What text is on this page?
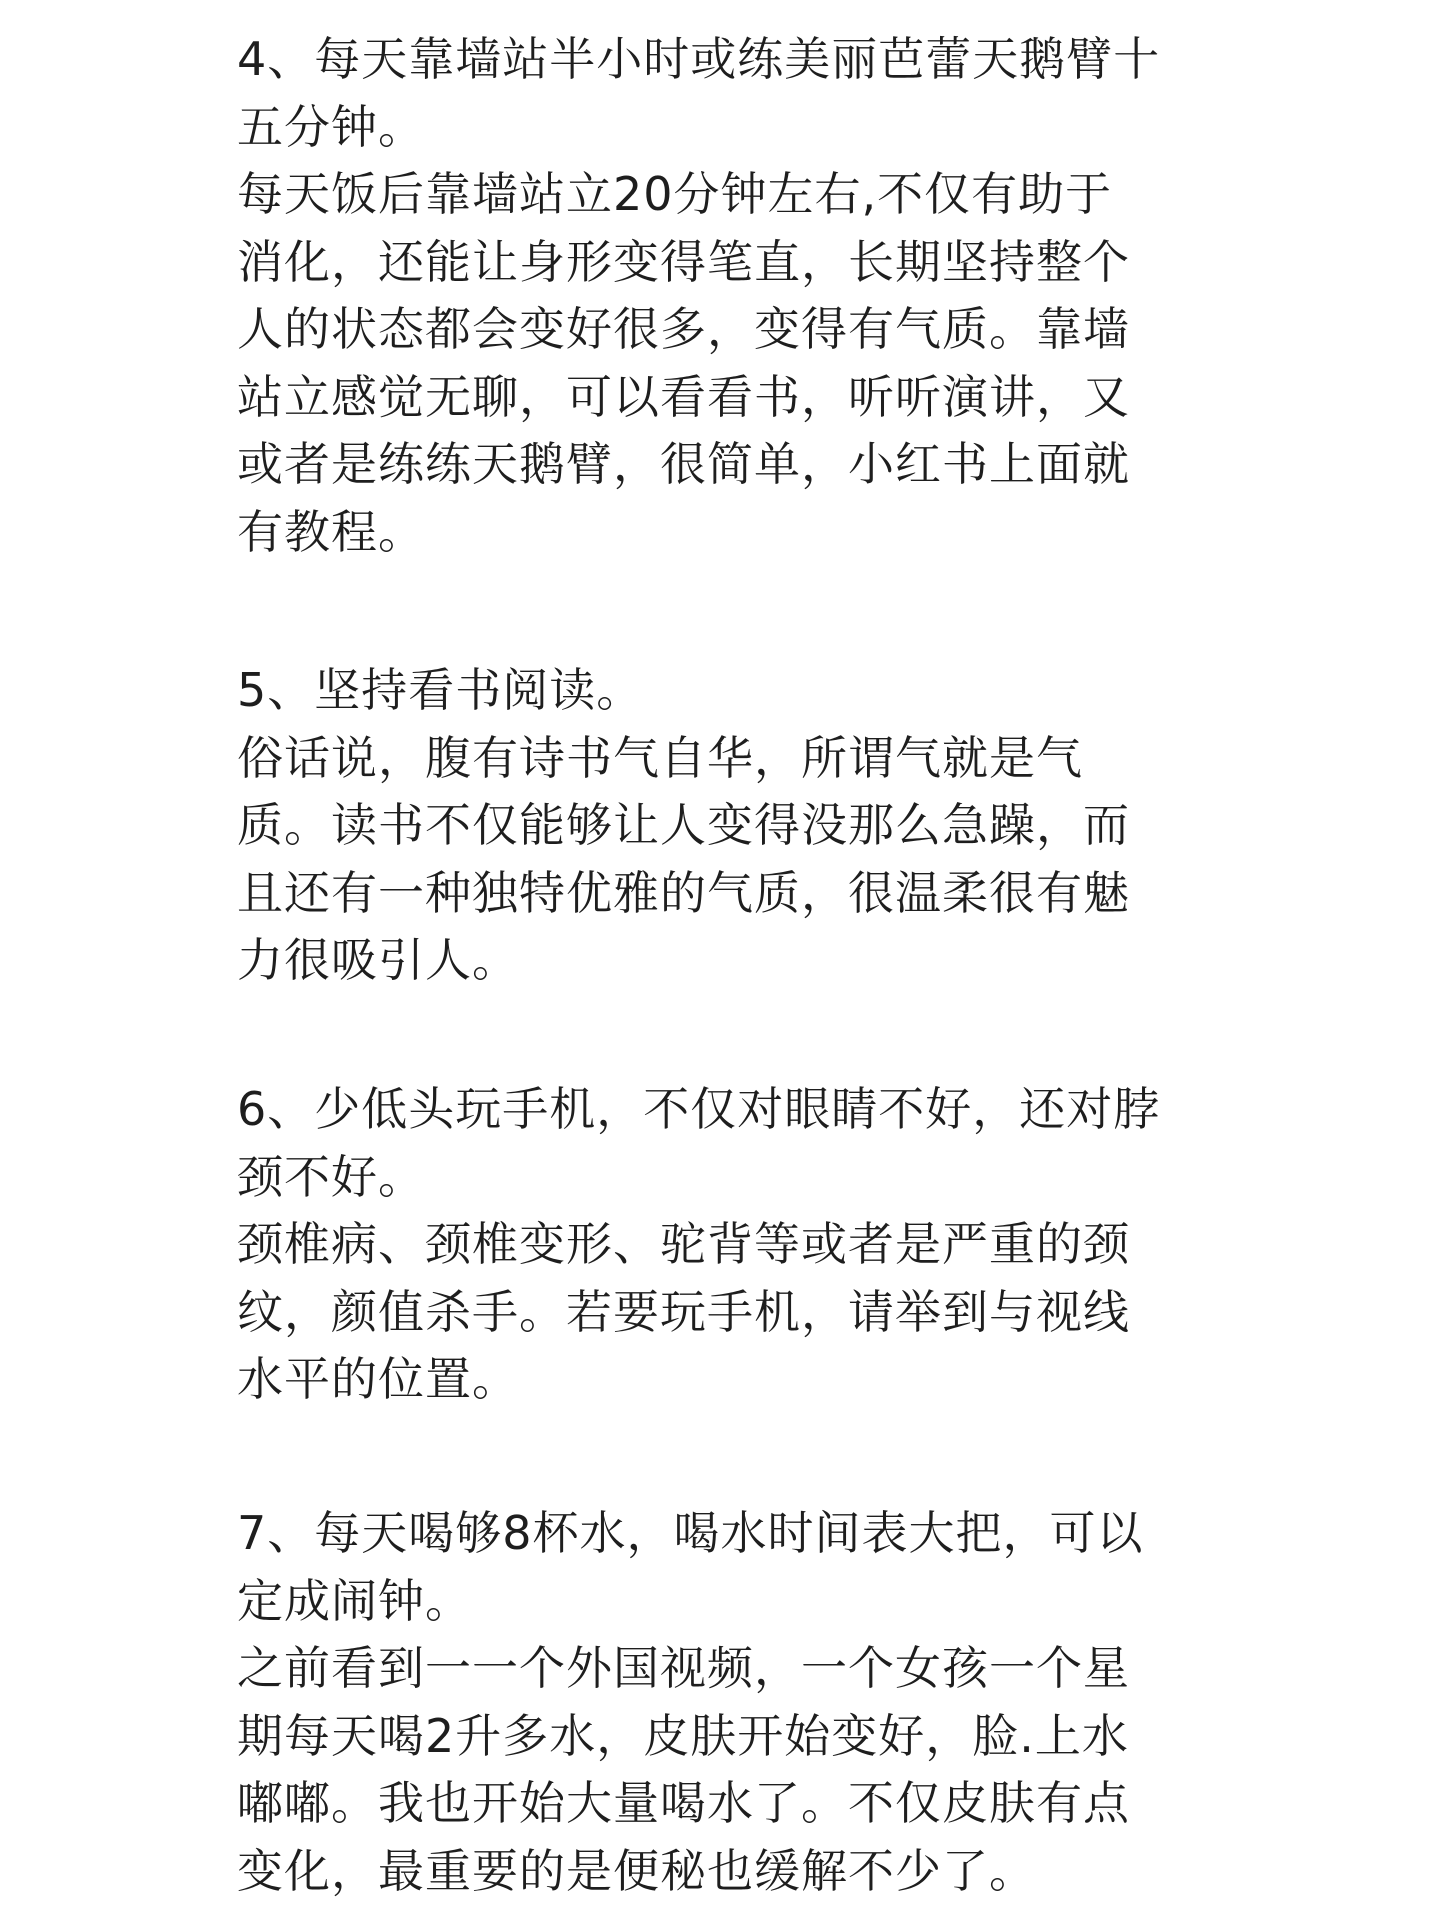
4、每天靠墙站半小时或练美丽芭蕾天鹅臂十
五分钟。
每天饭后靠墙站立20分钟左右,不仅有助于
消化，还能让身形变得笔直，长期坚持整个
人的状态都会变好很多，变得有气质。靠墙
站立感觉无聊，可以看看书，听听演讲，又
或者是练练天鹅臂，很简单，小红书上面就
有教程。
5、坚持看书阅读。
俗话说，腹有诗书气自华，所谓气就是气
质。读书不仅能够让人变得没那么急躁，而
且还有一种独特优雅的气质，很温柔很有魅
力很吸引人。
6、少低头玩手机，不仅对眼睛不好，还对脖
颈不好。
颈椎病、颈椎变形、驼背等或者是严重的颈
纹，颜值杀手。若要玩手机，请举到与视线
水平的位置。
7、每天喝够8杯水，喝水时间表大把，可以
定成闹钟。
之前看到一一个外国视频，一个女孩一个星
期每天喝2升多水，皮肤开始变好，脸.上水
嘟嘟。我也开始大量喝水了。不仅皮肤有点
变化，最重要的是便秘也缓解不少了。
